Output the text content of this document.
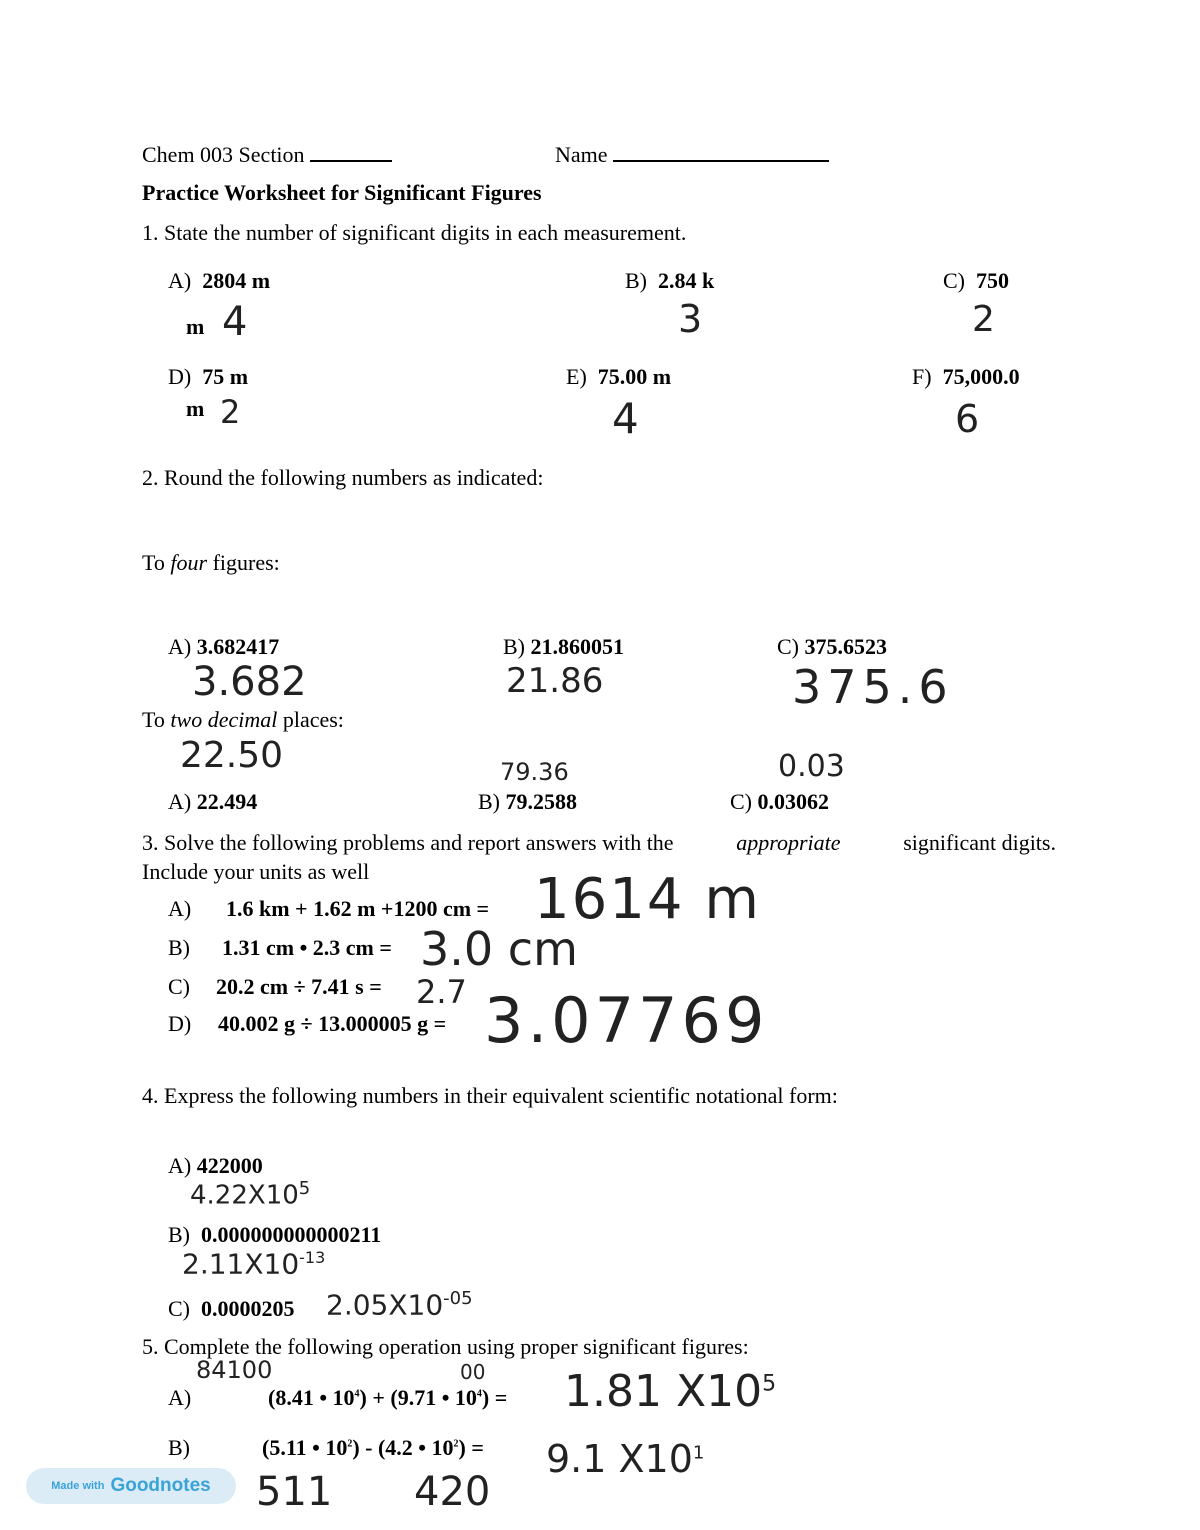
Chem 003 Section	Name
Practice Worksheet for Significant Figures
1. State the number of significant digits in each measurement.
A) 2804 m
4
B) 2.84 k
m	3
C) 750
2
D) 75 m
m 2
E) 75.00 m
4
F) 75,000.0
6
2. Round the following numbers as indicated:
To four figures:
A) 3.682417
3.682
B) 21.860051
21.86
C) 375.6523
375.6
To two decimal places:
22.50	79.36	0.03
A) 22.494	B) 79.2588	C) 0.03062
3. Solve the following problems and report answers with the	appropriate	significant digits.
Include your units as well
A) 1.6 km + 1.62 m +1200 cm = 1614 m
B) 1.31 cm • 2.3 cm = 3.0 cm
C) 20.2 cm ÷ 7.41 s = 2.7
D) 40.002 g ÷ 13.000005 g = 3.07769
4. Express the following numbers in their equivalent scientific notational form:
A) 422000
$4.22X10^5$
B) 0.000000000000211
$2.11X10^{-13}$
C) 0.0000205 $2.05X10^{-05}$
5. Complete the following operation using proper significant figures:
84100	00
A)	(8.41 • $10^4) + (9.71$ • $10^4) = 1.81$ $X10^5$
B)	(5.11 • $10^2) - (4.2$ • $10^2) = 9.1$ $X10^1$
511 420
Made with Goodnotes
